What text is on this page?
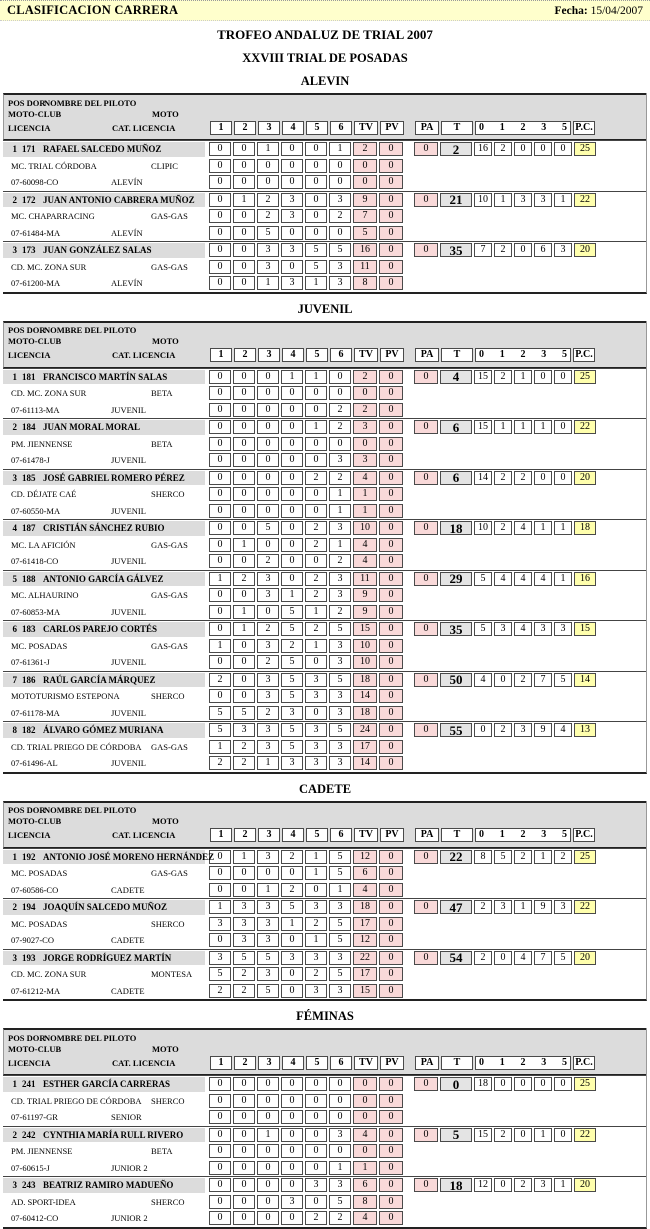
CLASIFICACION CARRERA	Fecha: 15/04/2007
TROFEO ANDALUZ DE TRIAL 2007
XXVIII TRIAL DE POSADAS
ALEVIN
POS DOR
NOMBRE DEL PILOTO
MOTO-CLUB	MOTO
LICENCIA	CAT. LICENCIA	1	2	3	4	5	6	TV	PV	PA	T	0 1 2 3 5 P.C.
1 171 RAFAEL SALCEDO MUÑOZ	0	0	1	0	0	1	2	0	0	2	16	2	0	0	0	25
MC. TRIAL CÓRDOBA	CLIPIC	0	0	0	0	0	0	0	0
07-60098-CO	ALEVÍN	0	0	0	0	0	0	0	0
2 172 JUAN ANTONIO CABRERA MUÑOZ	0	1	2	3	0	3	9	0	0	21	10	1	3	3	1	22
MC. CHAPARRACING	GAS-GAS	0	0	2	3	0	2	7	0
07-61484-MA	ALEVÍN	0	0	5	0	0	0	5	0
3 173 JUAN GONZÁLEZ SALAS	0	0	3	3	5	5	16	0	0	35	7	2	0	6	3	20
CD. MC. ZONA SUR	GAS-GAS	0	0	3	0	5	3	11	0
07-61200-MA	ALEVÍN	0	0	1	3	1	3	8	0
JUVENIL
POS DOR
NOMBRE DEL PILOTO
MOTO-CLUB	MOTO
LICENCIA	CAT. LICENCIA	1	2	3	4	5	6	TV	PV	PA	T	0 1 2 3 5 P.C.
1 181 FRANCISCO MARTÍN SALAS	0	0	0	1	1	0	2	0	0	4	15	2	1	0	0	25
CD. MC. ZONA SUR	BETA	0	0	0	0	0	0	0	0
07-61113-MA	JUVENIL	0	0	0	0	0	2	2	0
2 184 JUAN MORAL MORAL	0	0	0	0	1	2	3	0	0	6	15	1	1	1	0	22
PM. JIENNENSE	BETA	0	0	0	0	0	0	0	0
07-61478-J	JUVENIL	0	0	0	0	0	3	3	0
3 185 JOSÉ GABRIEL ROMERO PÉREZ	0	0	0	0	2	2	4	0	0	6	14	2	2	0	0	20
CD. DÉJATE CAÉ	SHERCO	0	0	0	0	0	1	1	0
07-60550-MA	JUVENIL	0	0	0	0	0	1	1	0
4 187 CRISTIÁN SÁNCHEZ RUBIO	0	0	5	0	2	3	10	0	0	18	10	2	4	1	1	18
MC. LA AFICIÓN	GAS-GAS	0	1	0	0	2	1	4	0
07-61418-CO	JUVENIL	0	0	2	0	0	2	4	0
5 188 ANTONIO GARCÍA GÁLVEZ	1	2	3	0	2	3	11	0	0	29	5	4	4	4	1	16
MC. ALHAURINO	GAS-GAS	0	0	3	1	2	3	9	0
07-60853-MA	JUVENIL	0	1	0	5	1	2	9	0
6 183 CARLOS PAREJO CORTÉS	0	1	2	5	2	5	15	0	0	35	5	3	4	3	3	15
MC. POSADAS	GAS-GAS	1	0	3	2	1	3	10	0
07-61361-J	JUVENIL	0	0	2	5	0	3	10	0
7 186 RAÚL GARCÍA MÁRQUEZ	2	0	3	5	3	5	18	0	0	50	4	0	2	7	5	14
MOTOTURISMO ESTEPONA	SHERCO	0	0	3	5	3	3	14	0
07-61178-MA	JUVENIL	5	5	2	3	0	3	18	0
8 182 ÁLVARO GÓMEZ MURIANA	5	3	3	5	3	5	24	0	0	55	0	2	3	9	4	13
CD. TRIAL PRIEGO DE CÓRDOBA GAS-GAS	1	2	3	5	3	3	17	0
07-61496-AL	JUVENIL	2	2	1	3	3	3	14	0
CADETE
POS DOR
NOMBRE DEL PILOTO
MOTO-CLUB	MOTO
LICENCIA	CAT. LICENCIA	1	2	3	4	5	6	TV	PV	PA	T	0 1 2 3 5 P.C.
1 192 ANTONIO JOSÉ MORENO HERNÁNDEZ 0	1	3	2	1	5	12	0	0	22	8	5	2	1	2	25
MC. POSADAS	GAS-GAS	0	0	0	0	1	5	6	0
07-60586-CO	CADETE	0	0	1	2	0	1	4	0
2 194 JOAQUÍN SALCEDO MUÑOZ	1	3	3	5	3	3	18	0	0	47	2	3	1	9	3	22
MC. POSADAS	SHERCO	3	3	3	1	2	5	17	0
07-9027-CO	CADETE	0	3	3	0	1	5	12	0
3 193 JORGE RODRÍGUEZ MARTÍN	3	5	5	3	3	3	22	0	0	54	2	0	4	7	5	20
CD. MC. ZONA SUR	MONTESA	5	2	3	0	2	5	17	0
07-61212-MA	CADETE	2	2	5	0	3	3	15	0
FÉMINAS
POS DOR
NOMBRE DEL PILOTO
MOTO-CLUB	MOTO
LICENCIA	CAT. LICENCIA	1	2	3	4	5	6	TV	PV	PA	T	0 1 2 3 5 P.C.
1 241 ESTHER GARCÍA CARRERAS	0	0	0	0	0	0	0	0	0	0	18	0	0	0	0	25
CD. TRIAL PRIEGO DE CÓRDOBA SHERCO	0	0	0	0	0	0	0	0
07-61197-GR	SENIOR	0	0	0	0	0	0	0	0
2 242 CYNTHIA MARÍA RULL RIVERO	0	0	1	0	0	3	4	0	0	5	15	2	0	1	0	22
PM. JIENNENSE	BETA	0	0	0	0	0	0	0	0
07-60615-J	JUNIOR 2	0	0	0	0	0	1	1	0
3 243 BEATRIZ RAMIRO MADUEÑO	0	0	0	0	3	3	6	0	0	18	12	0	2	3	1	20
AD. SPORT-IDEA	SHERCO	0	0	0	3	0	5	8	0
07-60412-CO	JUNIOR 2	0	0	0	0	2	2	4	0
